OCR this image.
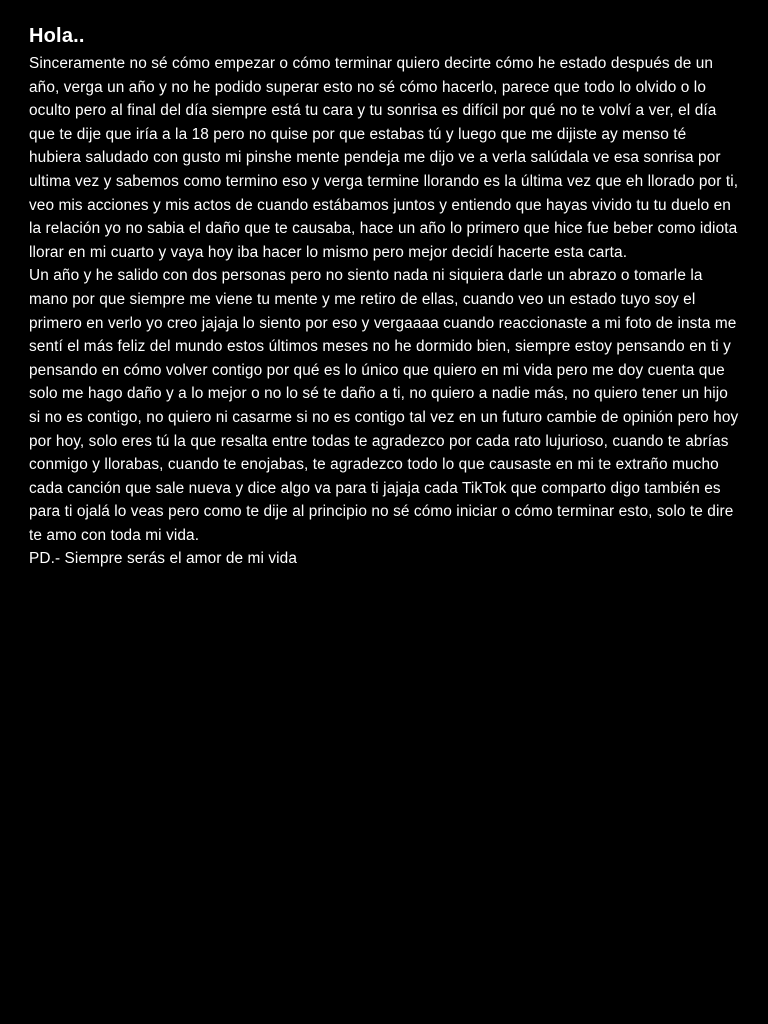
Hola..

Sinceramente no sé cómo empezar o cómo terminar quiero decirte cómo he estado después de un año, verga un año y no he podido superar esto no sé cómo hacerlo, parece que todo lo olvido o lo oculto pero al final del día siempre está tu cara y tu sonrisa es difícil por qué no te volví a ver, el día que te dije que iría a la 18 pero no quise por que estabas tú y luego que me dijiste ay menso té hubiera saludado con gusto mi pinshe mente pendeja me dijo ve a verla salúdala ve esa sonrisa por ultima vez y sabemos como termino eso y verga termine llorando es la última vez que eh llorado por ti, veo mis acciones y mis actos de cuando estábamos juntos y entiendo que hayas vivido tu tu duelo en la relación yo no sabia el daño que te causaba, hace un año lo primero que hice fue beber como idiota llorar en mi cuarto y vaya hoy iba hacer lo mismo pero mejor decidí hacerte esta carta.

Un año y he salido con dos personas pero no siento nada ni siquiera darle un abrazo o tomarle la mano por que siempre me viene tu mente y me retiro de ellas, cuando veo un estado tuyo soy el primero en verlo yo creo jajaja lo siento por eso y vergaaaa cuando reaccionaste a mi foto de insta me sentí el más feliz del mundo estos últimos meses no he dormido bien, siempre estoy pensando en ti y pensando en cómo volver contigo por qué es lo único que quiero en mi vida pero me doy cuenta que solo me hago daño y a lo mejor o no lo sé te daño a ti, no quiero a nadie más, no quiero tener un hijo si no es contigo, no quiero ni casarme si no es contigo tal vez en un futuro cambie de opinión pero hoy por hoy, solo eres tú la que resalta entre todas te agradezco por cada rato lujurioso, cuando te abrías conmigo y llorabas, cuando te enojabas, te agradezco todo lo que causaste en mi te extraño mucho cada canción que sale nueva y dice algo va para ti jajaja cada TikTok que comparto digo también es para ti ojalá lo veas pero como te dije al principio no sé cómo iniciar o cómo terminar esto, solo te dire te amo con toda mi vida.

PD.- Siempre serás el amor de mi vida
